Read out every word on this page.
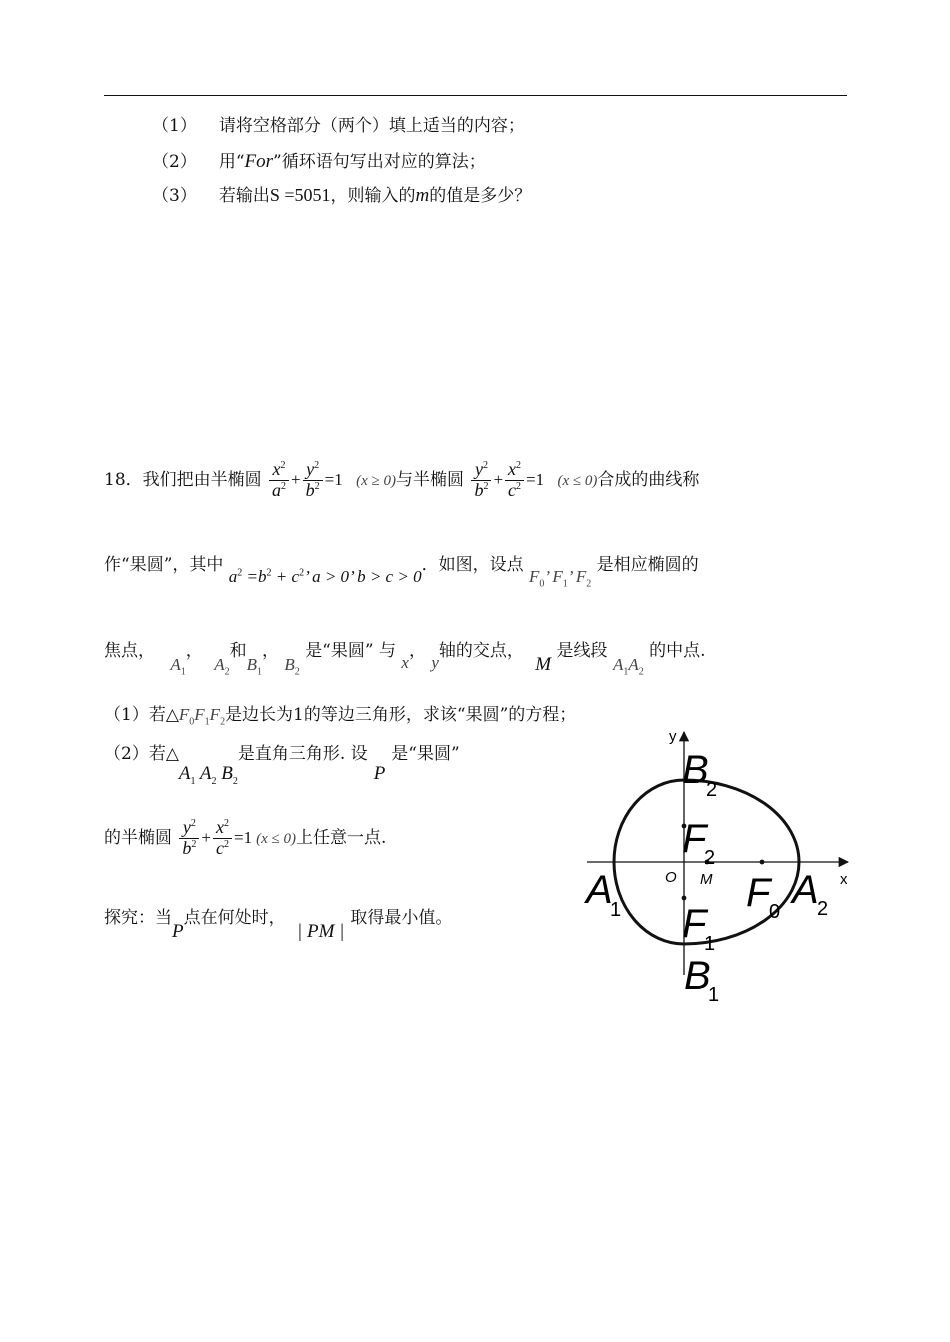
（1） 请将空格部分（两个）填上适当的内容；
（2） 用“For”循环语句写出对应的算法；
（3） 若输出S =5051，则输入的m的值是多少？
18．我们把由半椭圆 $\frac{x^2}{a^2} + \frac{y^2}{b^2} =1$ (x ≥ 0)与半椭圆 $\frac{y^2}{b^2} + \frac{x^2}{c^2} =1$ (x ≤ 0)合成的曲线称
作“果圆”，其中 $a^2 =b^2 + c^2$’ a > 0’ b > c > 0．如图，设点 $F_0$’ $F_1$’ $F_2$ 是相应椭圆的
焦点， $A_1$， $A_2$和$B_1$， $B_2$ 是“果圆” 与 x， y轴的交点， M 是线段 $A_1A_2$ 的中点.
（1）若$\triangle F_0F_1F_2$是边长为1的等边三角形，求该“果圆”的方程；
（2）若$\triangle A_1$ $A_2$ $B_2$是直角三角形. 设P是“果圆”
的半椭圆 $\frac{y^2}{b^2} + \frac{x^2}{c^2} =1$ (x ≤ 0)上任意一点.
探究：当P点在何处时， | PM |取得最小值。
y
x
O M
B
2
F
2
A
1	F
0 A
2
F
1
B
1
